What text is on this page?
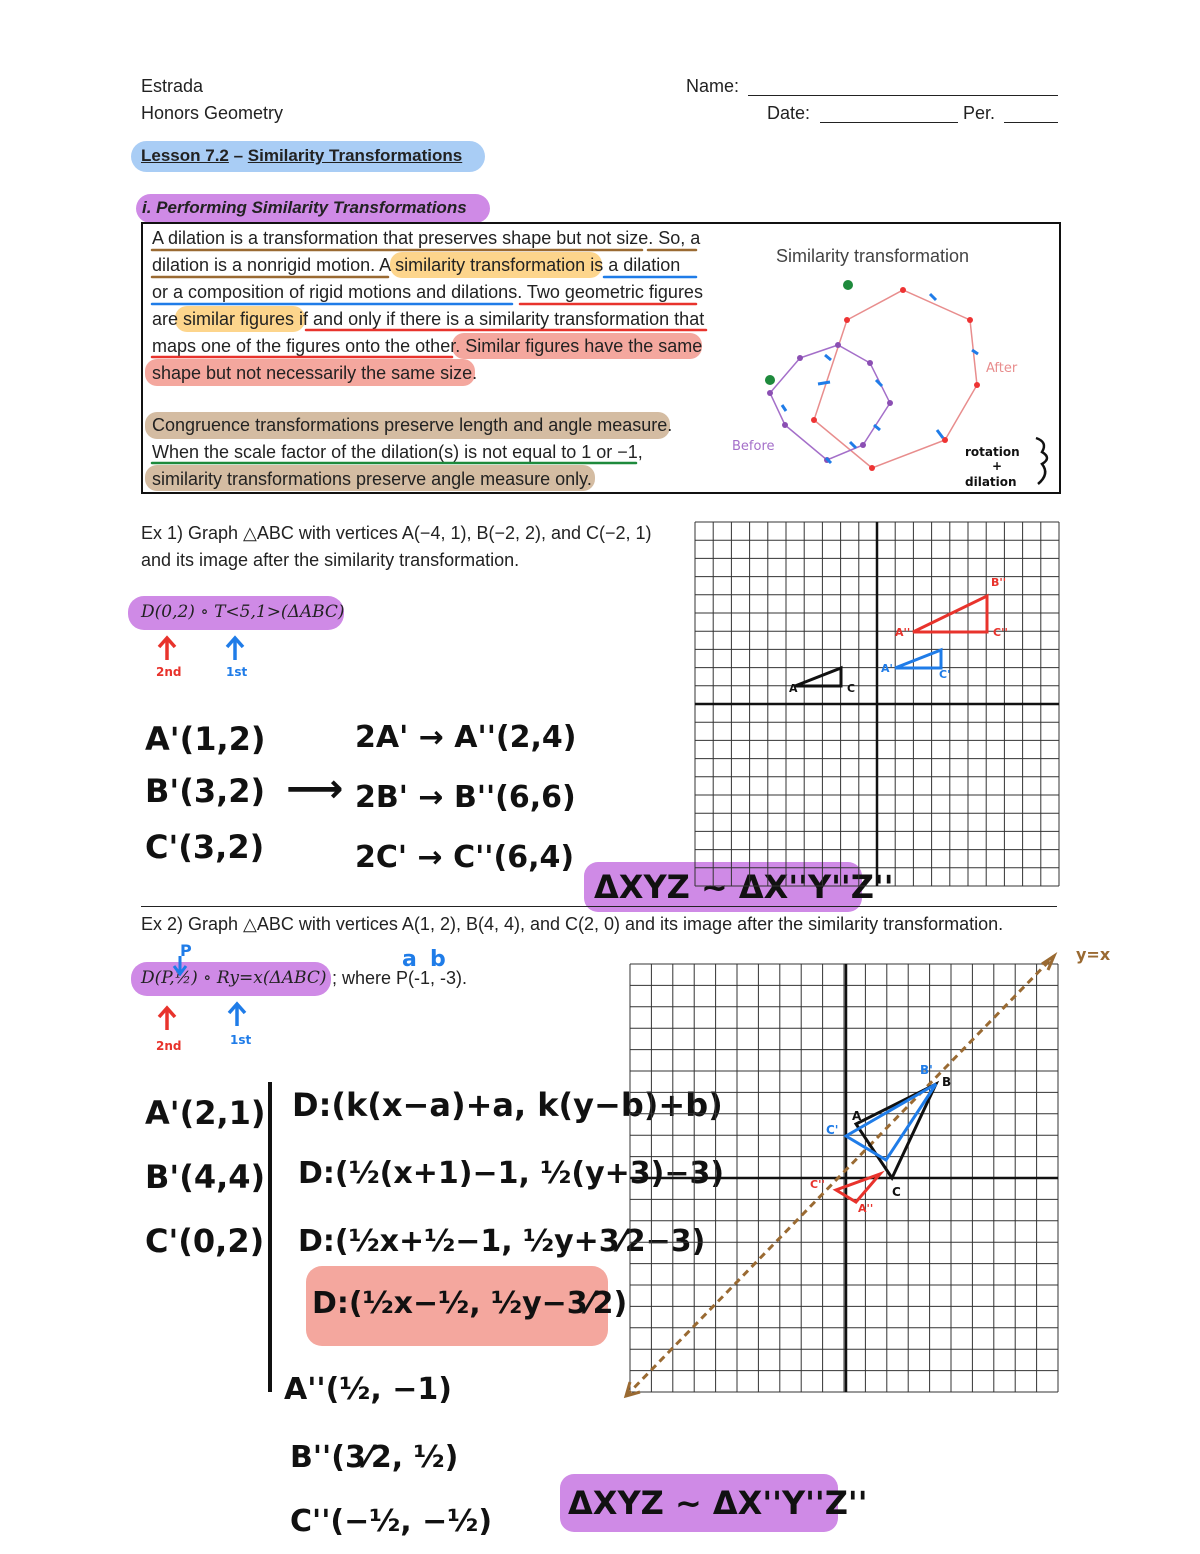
Estrada
Honors Geometry
Name:
Date:	Per.
Lesson 7.2 – Similarity Transformations
i. Performing Similarity Transformations
A dilation is a transformation that preserves shape but not size. So, a
dilation is a nonrigid motion. A similarity transformation is a dilation
or a composition of rigid motions and dilations. Two geometric figures
are similar figures if and only if there is a similarity transformation that
maps one of the figures onto the other. Similar figures have the same
shape but not necessarily the same size.
Congruence transformations preserve length and angle measure.
When the scale factor of the dilation(s) is not equal to 1 or −1,
similarity transformations preserve angle measure only.
Similarity transformation
After
Before	rotation
+
dilation
Ex 1) Graph △ABC with vertices A(−4, 1), B(−2, 2), and C(−2, 1)
and its image after the similarity transformation.
D(0,2) ∘ T<5,1>(ΔABC)
2nd	1st
A'(1,2)
B'(3,2)
C'(3,2)
⟶
2A' → A''(2,4)
2B' → B''(6,6)
2C' → C''(6,4)
ΔXYZ ~ ΔX''Y''Z''
A	C
A'	C'
A''
B''
C''
Ex 2) Graph △ABC with vertices A(1, 2), B(4, 4), and C(2, 0) and its image after the similarity transformation.
D(P,½) ∘ Ry=x(ΔABC) ; where P(-1, -3).
P	a b
2nd	1st
A'(2,1)
B'(4,4)
C'(0,2)
D:(k(x−a)+a, k(y−b)+b)
D:(½(x+1)−1, ½(y+3)−3)
D:(½x+½−1, ½y+3⁄2−3)
D:(½x−½, ½y−3⁄2)
A''(½, −1)
B''(3⁄2, ½)
C''(−½, −½) ΔXYZ ~ ΔX''Y''Z''
y=x
A
B
C
B'
C'
A''
C''
